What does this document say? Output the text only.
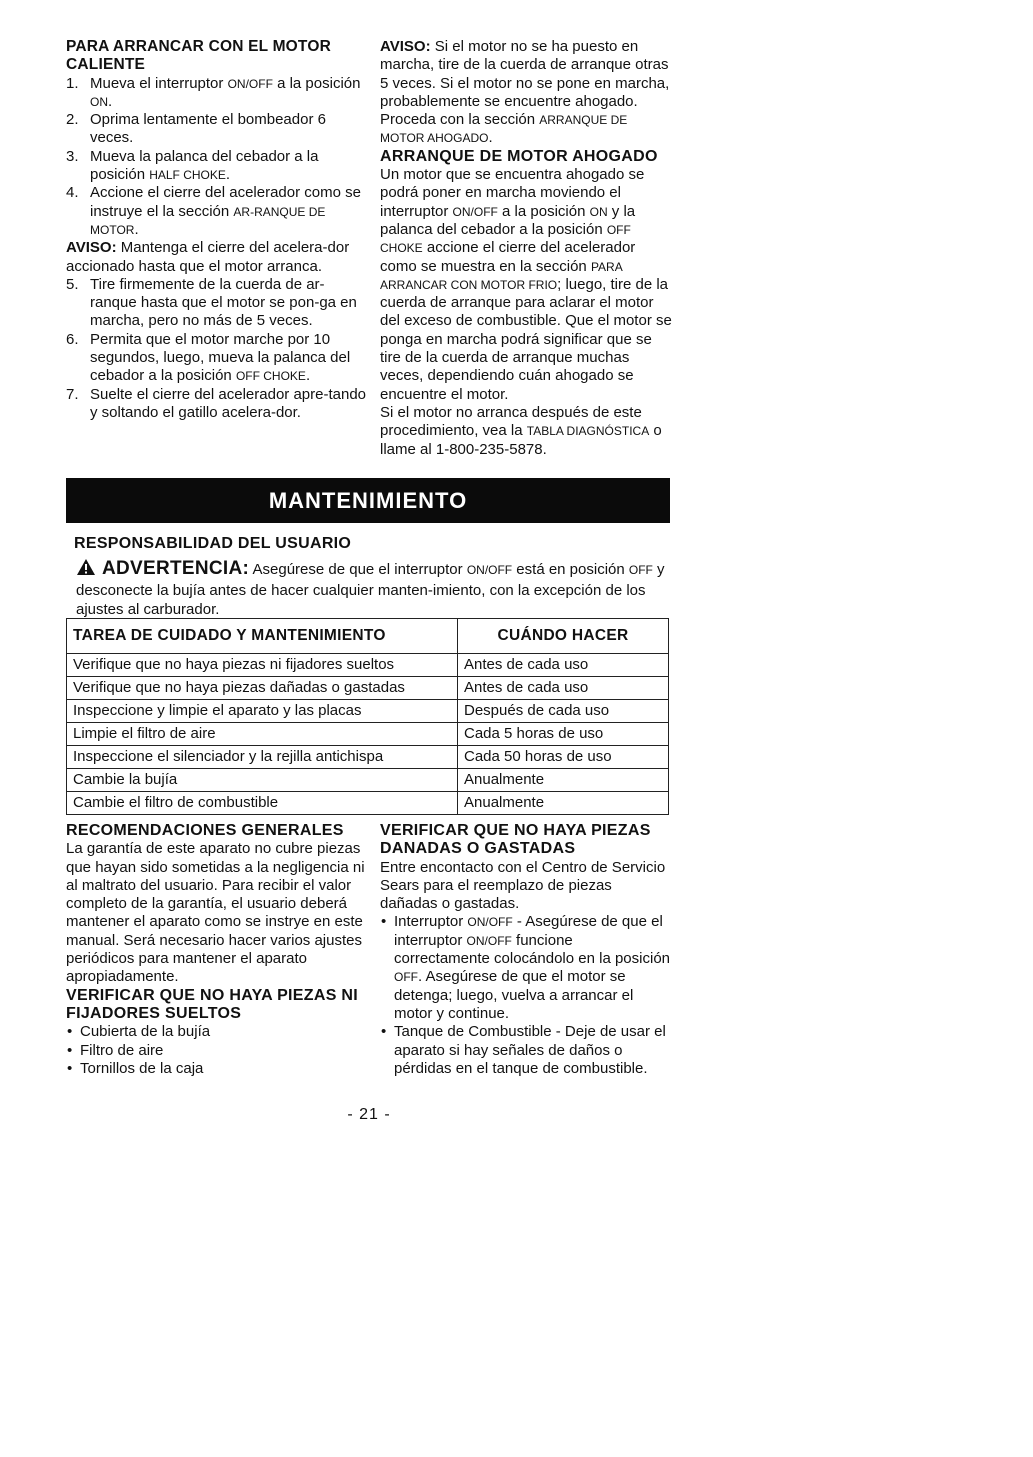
PARA ARRANCAR CON EL MOTOR CALIENTE
1. Mueva el interruptor ON/OFF a la posición ON.
2. Oprima lentamente el bombeador 6 veces.
3. Mueva la palanca del cebador a la posición HALF CHOKE.
4. Accione el cierre del acelerador como se instruye el la sección AR-RANQUE DE MOTOR.

AVISO: Mantenga el cierre del acelera-dor accionado hasta que el motor arranca.

5. Tire firmemente de la cuerda de ar-ranque hasta que el motor se pon-ga en marcha, pero no más de 5 veces.
6. Permita que el motor marche por 10 segundos, luego, mueva la palanca del cebador a la posición OFF CHOKE.
7. Suelte el cierre del acelerador apre-tando y soltando el gatillo acelera-dor.

AVISO: Si el motor no se ha puesto en marcha, tire de la cuerda de arranque otras 5 veces. Si el motor no se pone en marcha, probablemente se encuentre ahogado. Proceda con la sección ARRANQUE DE MOTOR AHOGADO.

ARRANQUE DE MOTOR AHOGADO

Un motor que se encuentra ahogado se podrá poner en marcha moviendo el interruptor ON/OFF a la posición ON y la palanca del cebador a la posición OFF CHOKE accione el cierre del acelerador como se muestra en la sección PARA ARRANCAR CON MOTOR FRIO; luego, tire de la cuerda de arranque para aclarar el motor del exceso de combustible. Que el motor se ponga en marcha podrá significar que se tire de la cuerda de arranque muchas veces, dependiendo cuán ahogado se encuentre el motor.

Si el motor no arranca después de este procedimiento, vea la TABLA DIAGNÓSTICA o llame al 1-800-235-5878.

MANTENIMIENTO
RESPONSABILIDAD DEL USUARIO
ADVERTENCIA: Asegúrese de que el interruptor ON/OFF está en posición OFF y desconecte la bujía antes de hacer cualquier manten-imiento, con la excepción de los ajustes al carburador.
TAREA DE CUIDADO Y MANTENIMIENTO	CUÁNDO HACER
Verifique que no haya piezas ni fijadores sueltos	Antes de cada uso
Verifique que no haya piezas dañadas o gastadas	Antes de cada uso
Inspeccione y limpie el aparato y las placas	Después de cada uso
Limpie el filtro de aire	Cada 5 horas de uso
Inspeccione el silenciador y la rejilla antichispa	Cada 50 horas de uso
Cambie la bujía	Anualmente
Cambie el filtro de combustible	Anualmente
RECOMENDACIONES GENERALES

La garantía de este aparato no cubre piezas que hayan sido sometidas a la negligencia ni al maltrato del usuario. Para recibir el valor completo de la garantía, el usuario deberá mantener el aparato como se instrye en este manual. Será necesario hacer varios ajustes periódicos para mantener el aparato apropiadamente.

VERIFICAR QUE NO HAYA PIEZAS NI FIJADORES SUELTOS
• Cubierta de la bujía
• Filtro de aire
• Tornillos de la caja
VERIFICAR QUE NO HAYA PIEZAS DANADAS O GASTADAS

Entre encontacto con el Centro de Servicio Sears para el reemplazo de piezas dañadas o gastadas.

• Interruptor ON/OFF - Asegúrese de que el interruptor ON/OFF funcione correctamente colocándolo en la posición OFF. Asegúrese de que el motor se detenga; luego, vuelva a arrancar el motor y continue.
• Tanque de Combustible - Deje de usar el aparato si hay señales de daños o pérdidas en el tanque de combustible.
- 21 -
